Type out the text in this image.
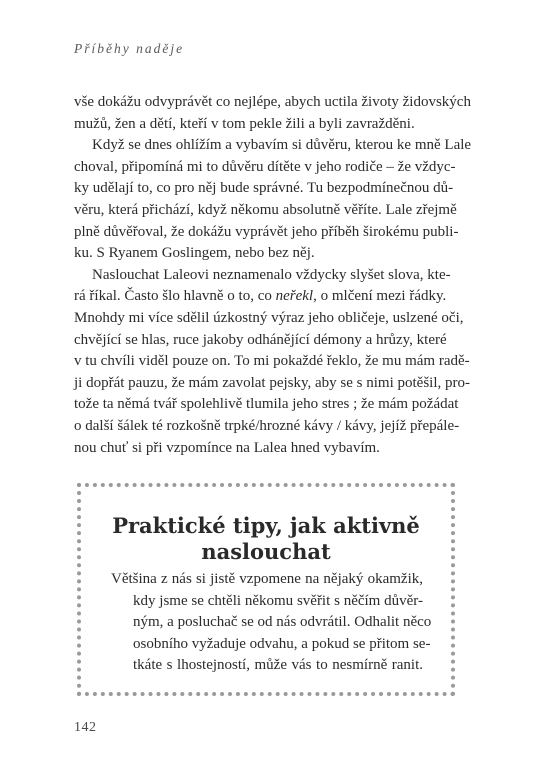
Příběhy naděje
vše dokážu odvyprávět co nejlépe, abych uctila životy židovských
mužů, žen a dětí, kteří v tom pekle žili a byli zavražděni.
Když se dnes ohlížím a vybavím si důvěru, kterou ke mně Lale
choval, připomíná mi to důvěru dítěte v jeho rodiče – že vždyc-
ky udělají to, co pro něj bude správné. Tu bezpodmínečnou dů-
věru, která přichází, když někomu absolutně věříte. Lale zřejmě
plně důvěřoval, že dokážu vyprávět jeho příběh širokému publi-
ku. S Ryanem Goslingem, nebo bez něj.
Naslouchat Laleovi neznamenalo vždycky slyšet slova, kte-
rá říkal. Často šlo hlavně o to, co neřekl, o mlčení mezi řádky.
Mnohdy mi více sdělil úzkostný výraz jeho obličeje, uslzené oči,
chvějící se hlas, ruce jakoby odhánějící démony a hrůzy, které
v tu chvíli viděl pouze on. To mi pokaždé řeklo, že mu mám radě-
ji dopřát pauzu, že mám zavolat pejsky, aby se s nimi potěšil, pro-
tože ta němá tvář spolehlivě tlumila jeho stres ; že mám požádat
o další šálek té rozkošně trpké/hrozné kávy / kávy, jejíž přepále-
nou chuť si při vzpomínce na Lalea hned vybavím.
Praktické tipy, jak aktivně
naslouchat
Většina z nás si jistě vzpomene na nějaký okamžik,
kdy jsme se chtěli někomu svěřit s něčím důvěr-
ným, a posluchač se od nás odvrátil. Odhalit něco
osobního vyžaduje odvahu, a pokud se přitom se-
tkáte s lhostejností, může vás to nesmírně ranit.
142
